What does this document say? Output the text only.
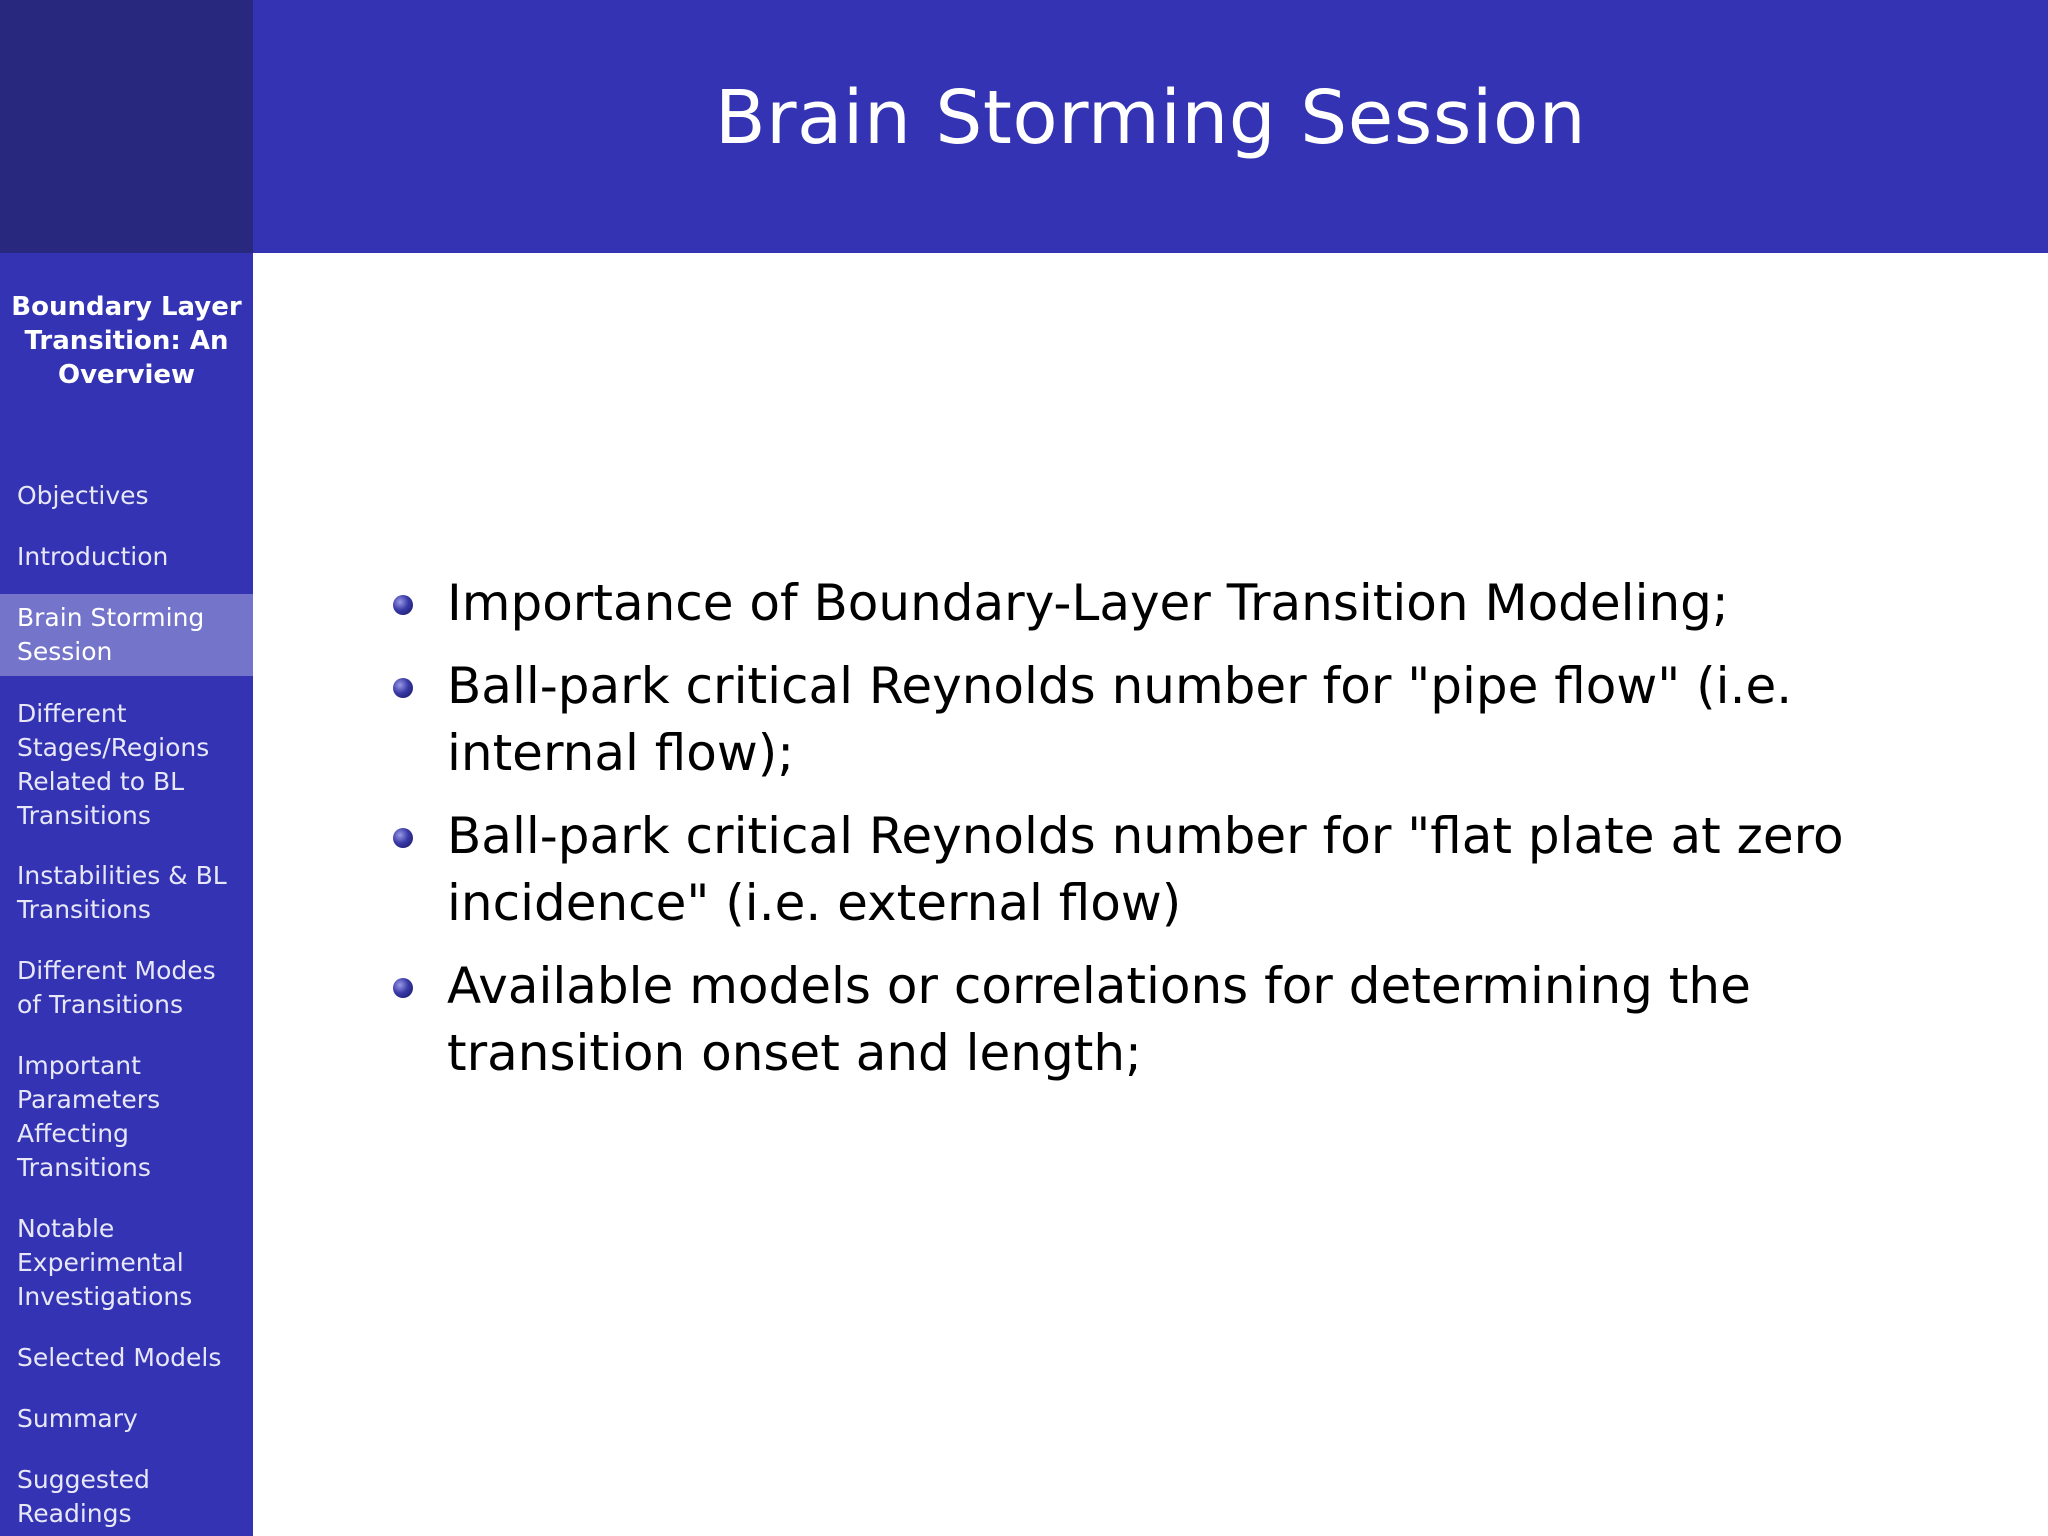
Boundary Layer Transition: An Overview
Objectives
Introduction
Brain Storming Session
Different Stages/Regions Related to BL Transitions
Instabilities & BL Transitions
Different Modes of Transitions
Important Parameters Affecting Transitions
Notable Experimental Investigations
Selected Models
Summary
Suggested Readings
Brain Storming Session
Importance of Boundary-Layer Transition Modeling;
Ball-park critical Reynolds number for "pipe flow" (i.e. internal flow);
Ball-park critical Reynolds number for "flat plate at zero incidence" (i.e. external flow)
Available models or correlations for determining the transition onset and length;
